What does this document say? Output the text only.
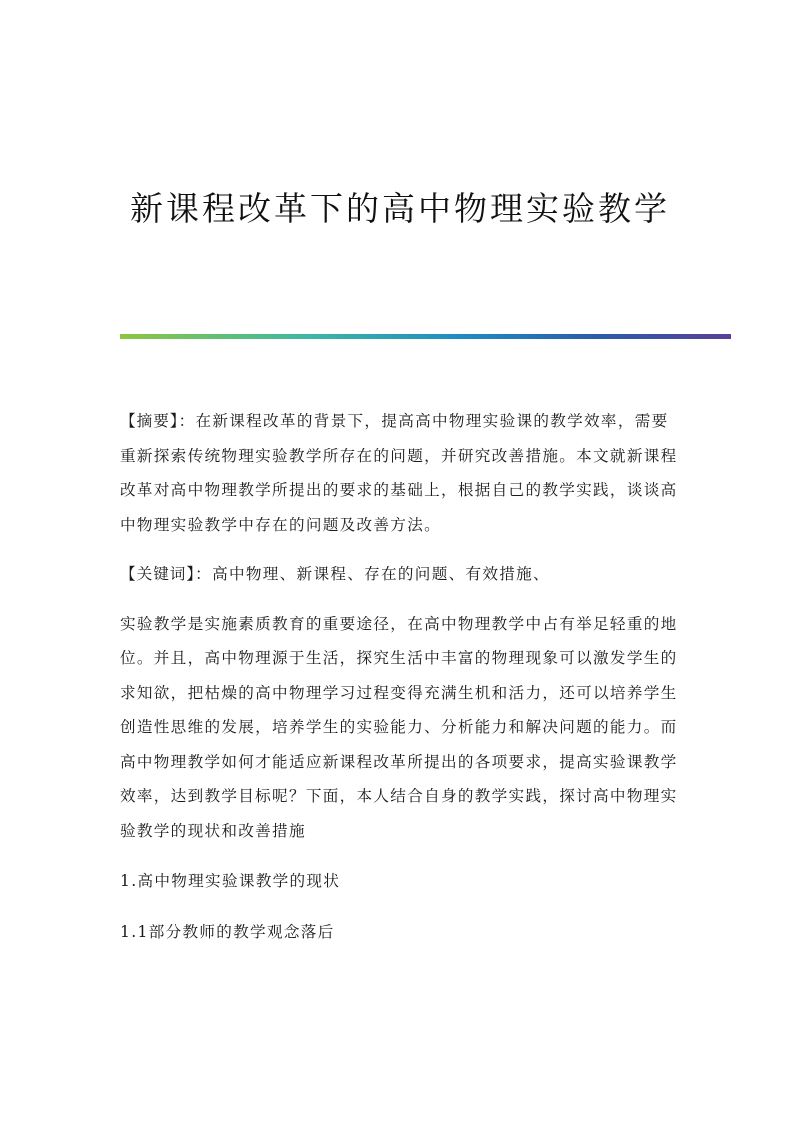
新课程改革下的高中物理实验教学

【摘要】：在新课程改革的背景下，提高高中物理实验课的教学效率，需要重新探索传统物理实验教学所存在的问题，并研究改善措施。本文就新课程改革对高中物理教学所提出的要求的基础上，根据自己的教学实践，谈谈高中物理实验教学中存在的问题及改善方法。

【关键词】：高中物理、新课程、存在的问题、有效措施、

实验教学是实施素质教育的重要途径，在高中物理教学中占有举足轻重的地位。并且，高中物理源于生活，探究生活中丰富的物理现象可以激发学生的求知欲，把枯燥的高中物理学习过程变得充满生机和活力，还可以培养学生创造性思维的发展，培养学生的实验能力、分析能力和解决问题的能力。而高中物理教学如何才能适应新课程改革所提出的各项要求，提高实验课教学效率，达到教学目标呢？下面，本人结合自身的教学实践，探讨高中物理实验教学的现状和改善措施

1.高中物理实验课教学的现状

1.1部分教师的教学观念落后
